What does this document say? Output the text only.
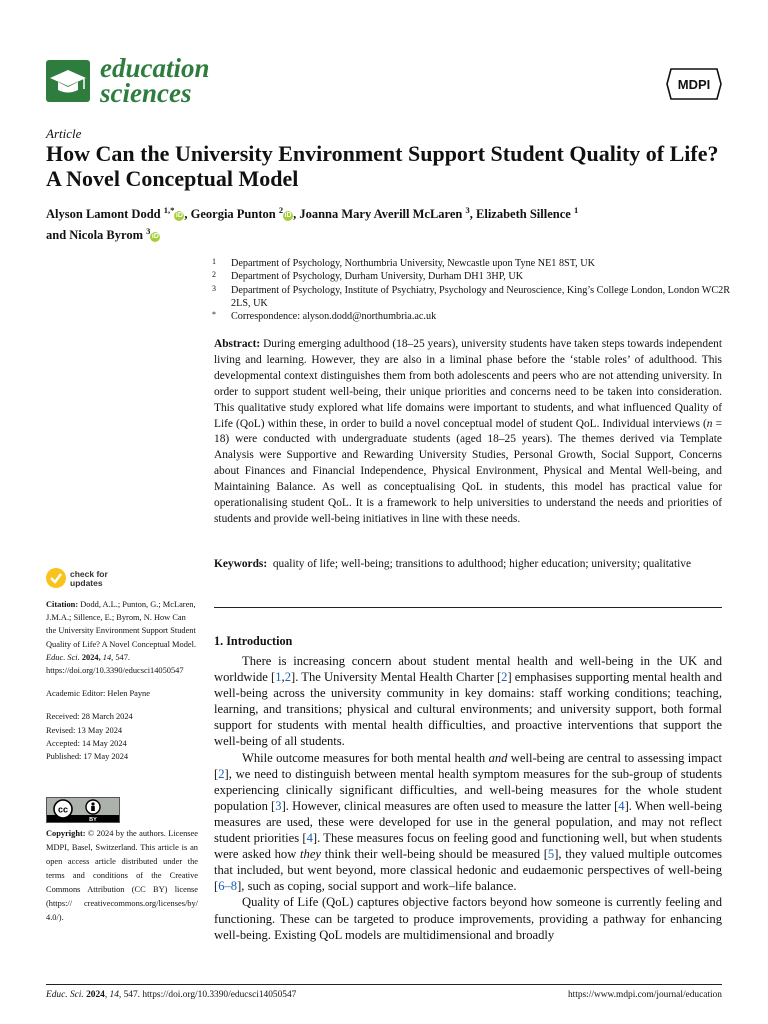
education
sciences	MDPI
Article
How Can the University Environment Support Student Quality of Life? A Novel Conceptual Model
Alyson Lamont Dodd $^{1,*}$iD , Georgia Punton $^2$iD , Joanna Mary Averill McLaren $^3$, Elizabeth Sillence $^1$
and Nicola Byrom $^3$iD
1	Department of Psychology, Northumbria University, Newcastle upon Tyne NE1 8ST, UK
2	Department of Psychology, Durham University, Durham DH1 3HP, UK
3	Department of Psychology, Institute of Psychiatry, Psychology and Neuroscience, King’s College London, London WC2R 2LS, UK
*	Correspondence: alyson.dodd@northumbria.ac.uk
Abstract: During emerging adulthood (18–25 years), university students have taken steps towards independent living and learning. However, they are also in a liminal phase before the ‘stable roles’ of adulthood. This developmental context distinguishes them from both adolescents and peers who are not attending university. In order to support student well-being, their unique priorities and concerns need to be taken into consideration. This qualitative study explored what life domains were important to students, and what influenced Quality of Life (QoL) within these, in order to build a novel conceptual model of student QoL. Individual interviews (n = 18) were conducted with undergraduate students (aged 18–25 years). The themes derived via Template Analysis were Supportive and Rewarding University Studies, Personal Growth, Social Support, Concerns about Finances and Financial Independence, Physical Environment, Physical and Mental Well-being, and Maintaining Balance. As well as conceptualising QoL in students, this model has practical value for operationalising student QoL. It is a framework to help universities to understand the needs and priorities of students and provide well-being initiatives in line with these needs.
Keywords: quality of life; well-being; transitions to adulthood; higher education; university; qualitative
check for
updates

Citation: Dodd, A.L.; Punton, G.; McLaren, J.M.A.; Sillence, E.; Byrom, N. How Can the University Environment Support Student Quality of Life? A Novel Conceptual Model. Educ. Sci. 2024, 14, 547. https://doi.org/10.3390/educsci14050547

Academic Editor: Helen Payne

Received: 28 March 2024

Revised: 13 May 2024

Accepted: 14 May 2024

Published: 17 May 2024

cc
BY
Copyright: © 2024 by the authors. Licensee MDPI, Basel, Switzerland. This article is an open access article distributed under the terms and conditions of the Creative Commons Attribution (CC BY) license (https:// creativecommons.org/licenses/by/ 4.0/).
1. Introduction

There is increasing concern about student mental health and well-being in the UK and worldwide [1,2]. The University Mental Health Charter [2] emphasises supporting mental health and well-being across the university community in key domains: staff working conditions; teaching, learning, and transitions; physical and cultural environments; and university support, both formal support for students with mental health difficulties, and proactive interventions that support the well-being of all students.

While outcome measures for both mental health and well-being are central to assessing impact [2], we need to distinguish between mental health symptom measures for the sub-group of students experiencing clinically significant difficulties, and well-being measures for the whole student population [3]. However, clinical measures are often used to measure the latter [4]. When well-being measures are used, these were developed for use in the general population, and may not reflect student priorities [4]. These measures focus on feeling good and functioning well, but when students were asked how they think their well-being should be measured [5], they valued multiple outcomes that included, but went beyond, more classical hedonic and eudaemonic perspectives of well-being [6–8], such as coping, social support and work–life balance.

Quality of Life (QoL) captures objective factors beyond how someone is currently feeling and functioning. These can be targeted to produce improvements, providing a pathway for enhancing well-being. Existing QoL models are multidimensional and broadly

Educ. Sci. 2024, 14, 547. https://doi.org/10.3390/educsci14050547	https://www.mdpi.com/journal/education
